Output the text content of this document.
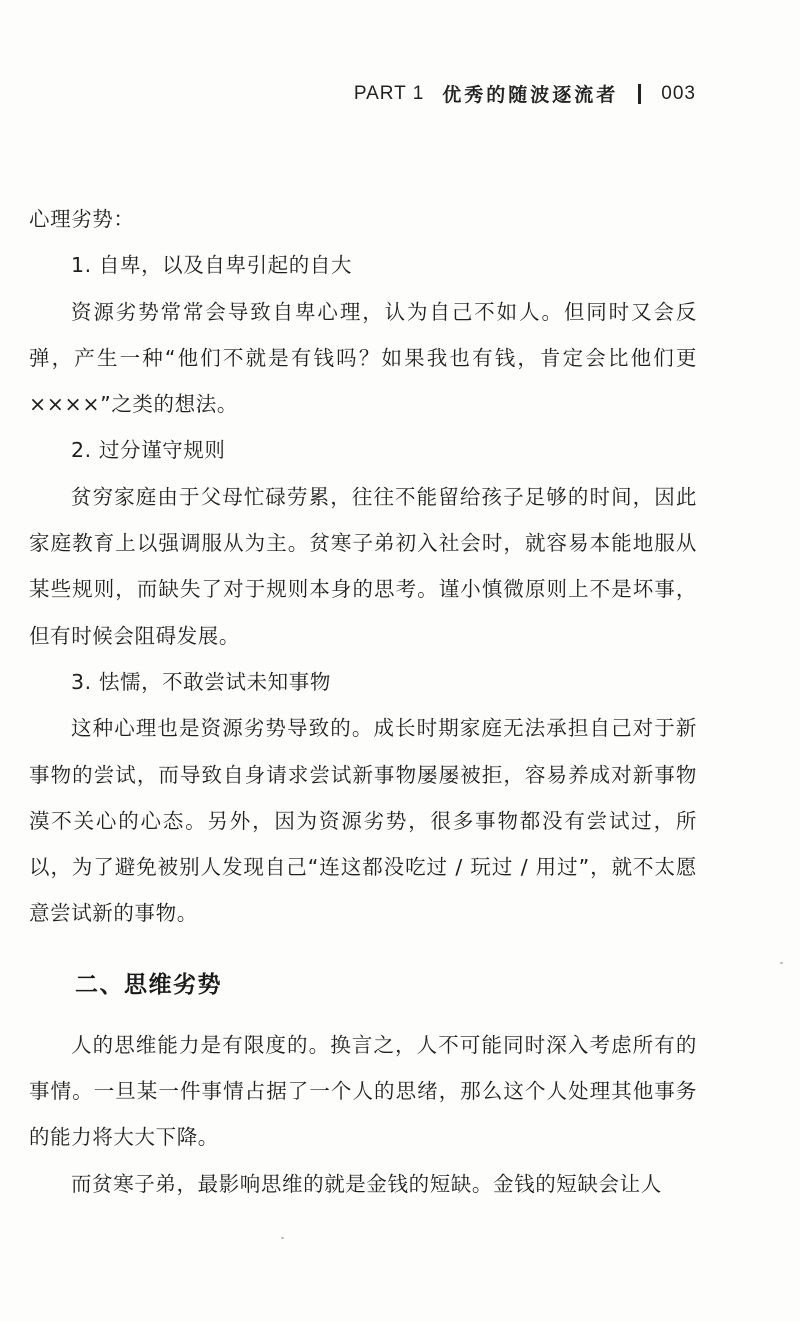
PART 1 优秀的随波逐流者 003

心理劣势：

1. 自卑，以及自卑引起的自大

资源劣势常常会导致自卑心理，认为自己不如人。但同时又会反弹，产生一种“他们不就是有钱吗？如果我也有钱，肯定会比他们更××××”之类的想法。

2. 过分谨守规则

贫穷家庭由于父母忙碌劳累，往往不能留给孩子足够的时间，因此家庭教育上以强调服从为主。贫寒子弟初入社会时，就容易本能地服从某些规则，而缺失了对于规则本身的思考。谨小慎微原则上不是坏事，但有时候会阻碍发展。

3. 怯懦，不敢尝试未知事物

这种心理也是资源劣势导致的。成长时期家庭无法承担自己对于新事物的尝试，而导致自身请求尝试新事物屡屡被拒，容易养成对新事物漠不关心的心态。另外，因为资源劣势，很多事物都没有尝试过，所以，为了避免被别人发现自己“连这都没吃过 / 玩过 / 用过”，就不太愿意尝试新的事物。

二、思维劣势

人的思维能力是有限度的。换言之，人不可能同时深入考虑所有的事情。一旦某一件事情占据了一个人的思绪，那么这个人处理其他事务的能力将大大下降。

而贫寒子弟，最影响思维的就是金钱的短缺。金钱的短缺会让人
